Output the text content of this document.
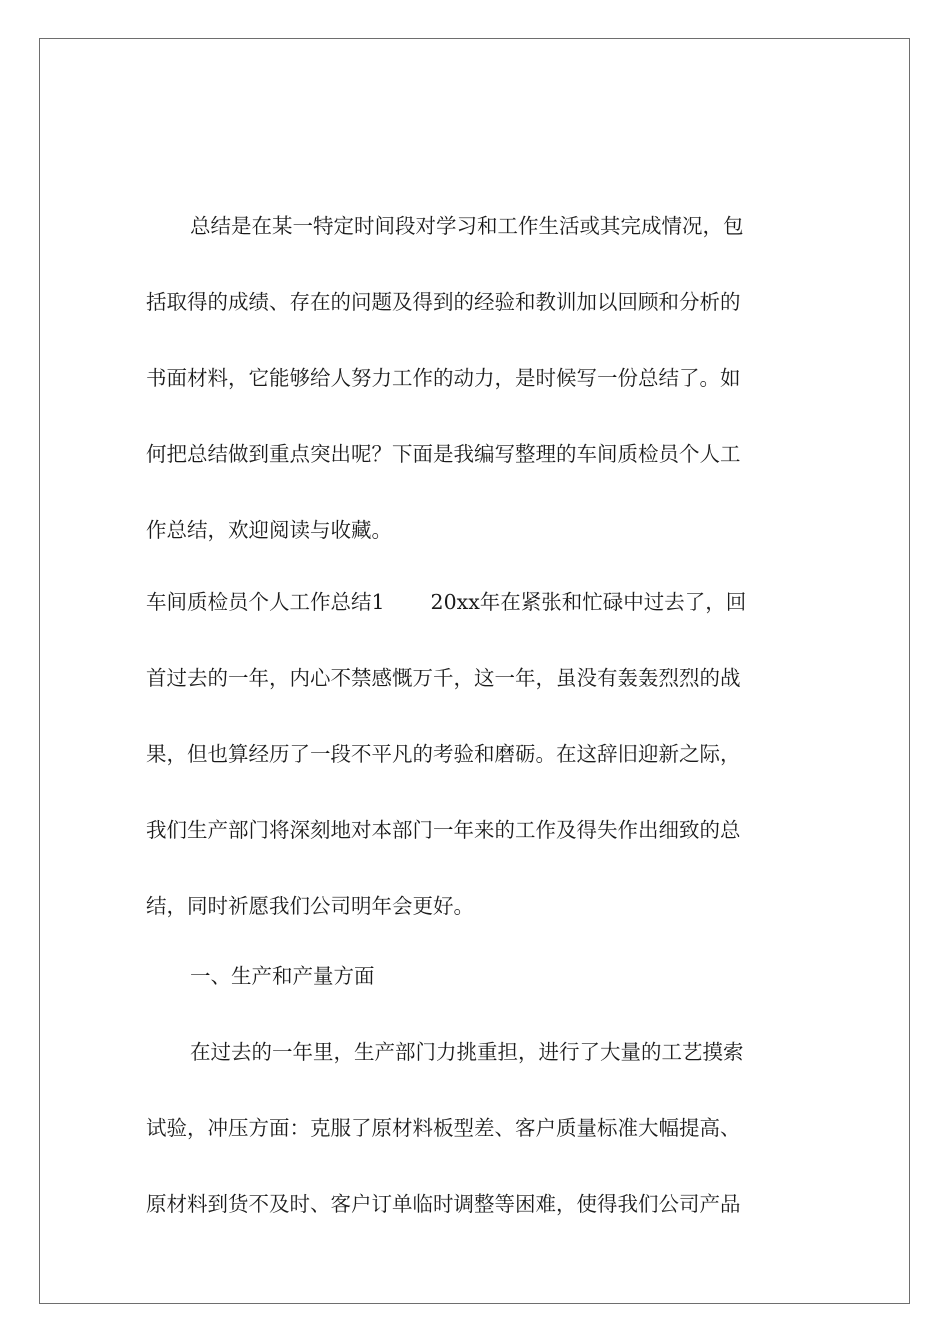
总结是在某一特定时间段对学习和工作生活或其完成情况，包

括取得的成绩、存在的问题及得到的经验和教训加以回顾和分析的

书面材料，它能够给人努力工作的动力，是时候写一份总结了。如

何把总结做到重点突出呢？下面是我编写整理的车间质检员个人工

作总结，欢迎阅读与收藏。

车间质检员个人工作总结1 20xx年在紧张和忙碌中过去了，回

首过去的一年，内心不禁感慨万千，这一年，虽没有轰轰烈烈的战

果，但也算经历了一段不平凡的考验和磨砺。在这辞旧迎新之际，

我们生产部门将深刻地对本部门一年来的工作及得失作出细致的总

结，同时祈愿我们公司明年会更好。

一、生产和产量方面

在过去的一年里，生产部门力挑重担，进行了大量的工艺摸索

试验，冲压方面：克服了原材料板型差、客户质量标准大幅提高、

原材料到货不及时、客户订单临时调整等困难，使得我们公司产品
